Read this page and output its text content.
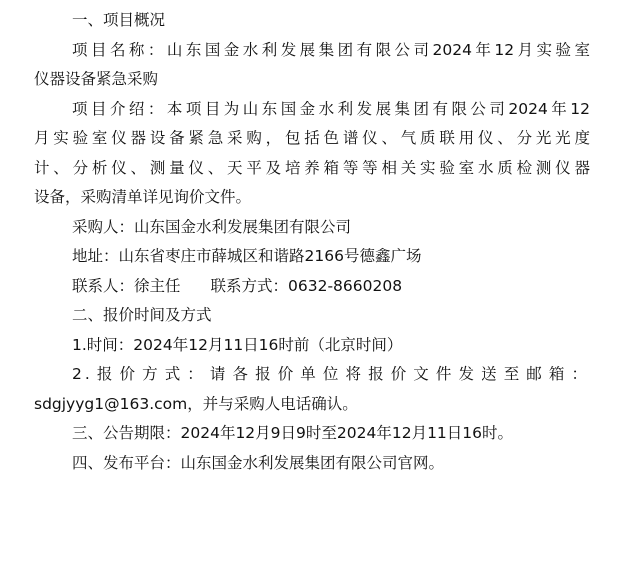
一、项目概况

项目名称：山东国金水利发展集团有限公司2024年12月实验室

仪器设备紧急采购

项目介绍：本项目为山东国金水利发展集团有限公司2024年12

月实验室仪器设备紧急采购，包括色谱仪、气质联用仪、分光光度

计、分析仪、测量仪、天平及培养箱等等相关实验室水质检测仪器

设备，采购清单详见询价文件。

采购人：山东国金水利发展集团有限公司

地址：山东省枣庄市薛城区和谐路2166号德鑫广场

联系人：徐主任 联系方式：0632-8660208

二、报价时间及方式

1.时间：2024年12月11日16时前（北京时间）

2.报价方式：请各报价单位将报价文件发送至邮箱：

sdgjyyg1@163.com，并与采购人电话确认。

三、公告期限：2024年12月9日9时至2024年12月11日16时。

四、发布平台：山东国金水利发展集团有限公司官网。
